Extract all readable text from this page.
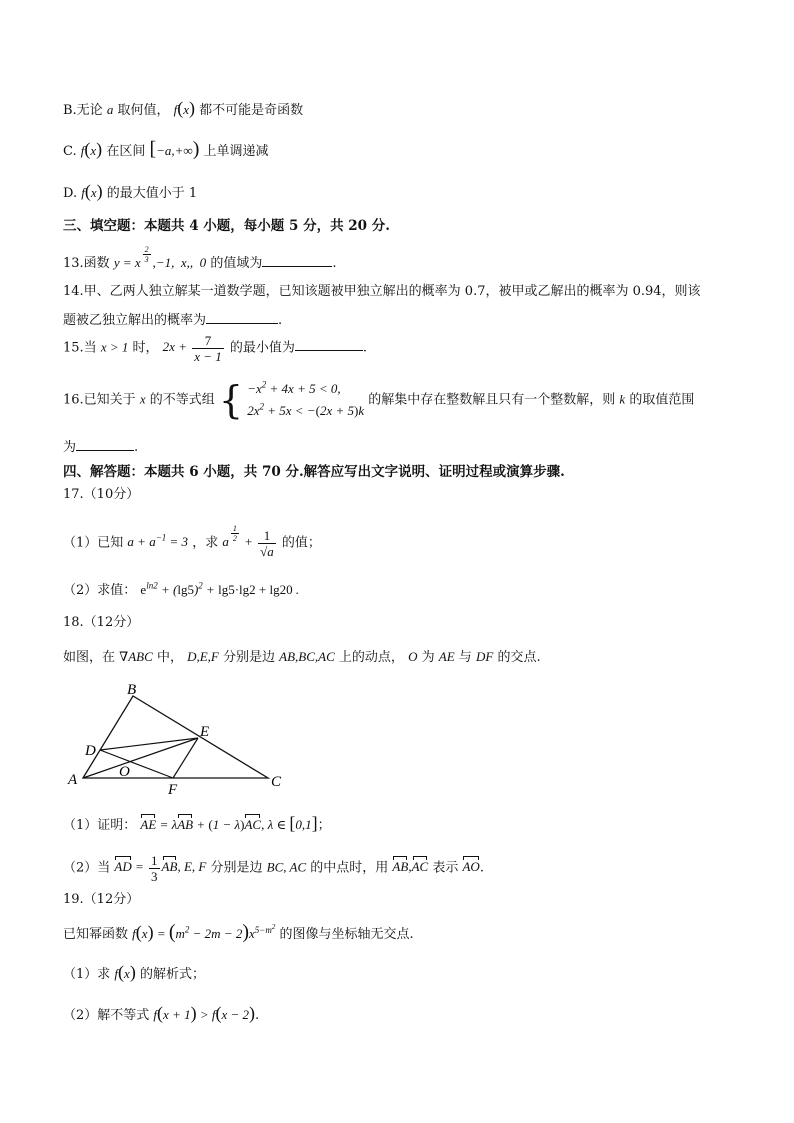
B.无论 a 取何值， f(x) 都不可能是奇函数
C. f(x) 在区间 [−a,+∞) 上单调递减
D. f(x) 的最大值小于 1
三、填空题：本题共 4 小题，每小题 5 分，共 20 分.
13.函数 y = x $^{\frac{2}{3}}$ ,−1,  x,,  0 的值域为	.
14.甲、乙两人独立解某一道数学题，已知该题被甲独立解出的概率为 0.7，被甲或乙解出的概率为 0.94，则该
题被乙独立解出的概率为	.
15.当 x > 1 时， $2x + \frac{7}{x - 1}$ 的最小值为	.
16.已知关于 x 的不等式组 { $-x^2 + 4x + 5 < 0$,
$2x^2 + 5x < -(2x + 5)k$
的解集中存在整数解且只有一个整数解，则 k 的取值范围
为	.
四、解答题：本题共 6 小题，共 70 分.解答应写出文字说明、证明过程或演算步骤.
17.（10分）
（1）已知 $a + a^{-1} = 3$ ，求 a $^{\frac{1}{2}} + \frac{1}{√a}$ 的值；
（2）求值： $e^{ln2} + (\lg 5)^2 + \lg 5\cdot\lg 2 + \lg 20$ .
18.（12分）
如图，在 ∇ABC 中， D,E,F 分别是边 AB,BC,AC 上的动点， O 为 AE 与 DF 的交点.
B
E
D
O
A
F	C
（1）证明： AE = λAB + (1 − λ)AC, λ ∈ [0,1]；
（2）当 AD = $\frac{1}{3}$ AB, E, F 分别是边 BC, AC 的中点时，用 AB,AC 表示 AO.
19.（12分）
已知幂函数 $f(x) = (m^2 - 2m - 2)x^{5-m^2}$ 的图像与坐标轴无交点.
（1）求 f(x) 的解析式；
（2）解不等式 f(x + 1) > f(x − 2).
